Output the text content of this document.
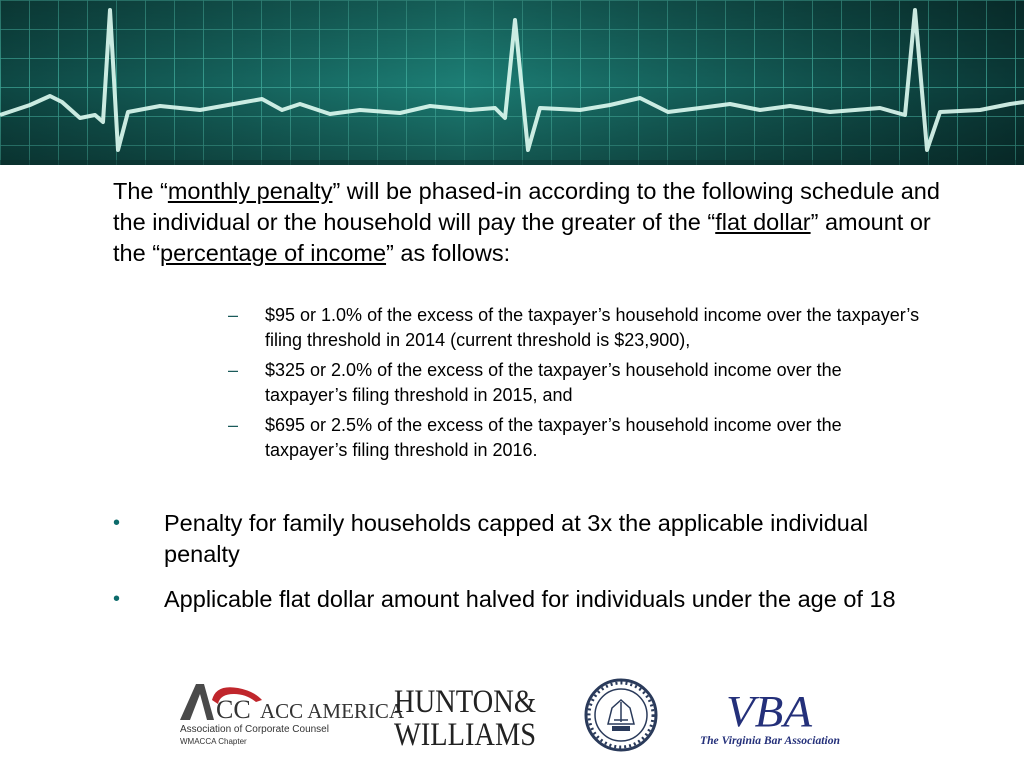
The “monthly penalty” will be phased-in according to the following schedule and the individual or the household will pay the greater of the “flat dollar” amount or the “percentage of income” as follows:

– $95 or 1.0% of the excess of the taxpayer’s household income over the taxpayer’s filing threshold in 2014 (current threshold is $23,900),
– $325 or 2.0% of the excess of the taxpayer’s household income over the taxpayer’s filing threshold in 2015, and
– $695 or 2.5% of the excess of the taxpayer’s household income over the taxpayer’s filing threshold in 2016.
• Penalty for family households capped at 3x the applicable individual penalty
• Applicable flat dollar amount halved for individuals under the age of 18
CC ACC AMERICA
Association of Corporate Counsel
WMACCA Chapter
HUNTON&
WILLIAMS	VBA
The Virginia Bar Association
